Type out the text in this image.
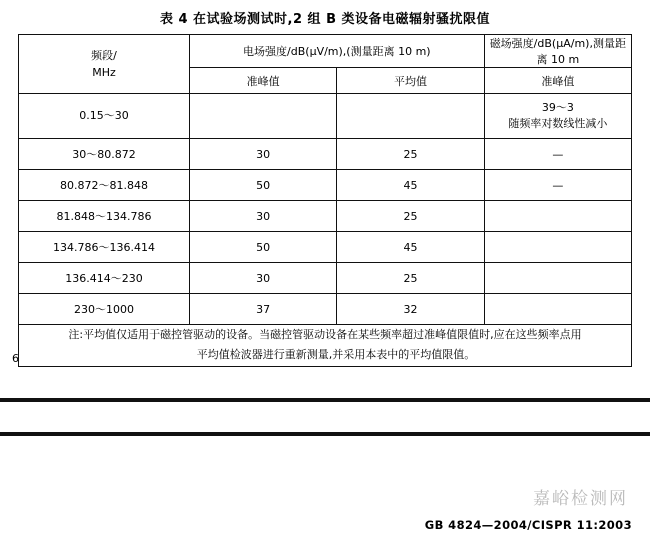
表 4 在试验场测试时,2 组 B 类设备电磁辐射骚扰限值
频段/
MHz	电场强度/dB(μV/m),(测量距离 10 m)		磁场强度/dB(μA/m),测量距离 10 m
	准峰值	平均值	准峰值
0.15～30			39～3
随频率对数线性减小

30～80.872	30	25	—
80.872～81.848	50	45	—
81.848～134.786	30	25	
134.786～136.414	50	45	
136.414～230	30	25	
230～1000	37	32	
注:平均值仅适用于磁控管驱动的设备。当磁控管驱动设备在某些频率超过准峰值限值时,应在这些频率点用
平均值检波器进行重新测量,并采用本表中的平均值限值。			
6
嘉峪检测网
GB 4824—2004/CISPR 11:2003
